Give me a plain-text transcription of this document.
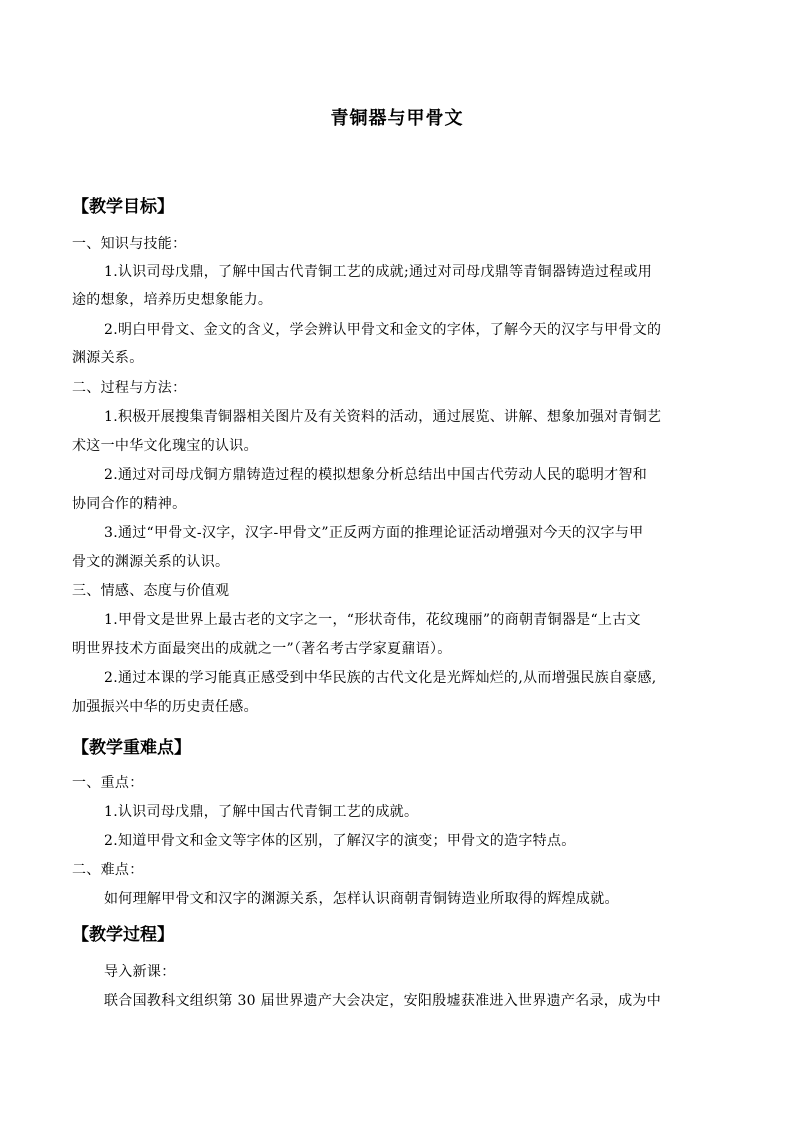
青铜器与甲骨文
【教学目标】
一、知识与技能：
1.认识司母戊鼎，了解中国古代青铜工艺的成就;通过对司母戊鼎等青铜器铸造过程或用
途的想象，培养历史想象能力。
2.明白甲骨文、金文的含义，学会辨认甲骨文和金文的字体，了解今天的汉字与甲骨文的
渊源关系。
二、过程与方法：
1.积极开展搜集青铜器相关图片及有关资料的活动，通过展览、讲解、想象加强对青铜艺
术这一中华文化瑰宝的认识。
2.通过对司母戊铜方鼎铸造过程的模拟想象分析总结出中国古代劳动人民的聪明才智和
协同合作的精神。
3.通过“甲骨文-汉字，汉字-甲骨文”正反两方面的推理论证活动增强对今天的汉字与甲
骨文的渊源关系的认识。
三、情感、态度与价值观
1.甲骨文是世界上最古老的文字之一，“形状奇伟，花纹瑰丽”的商朝青铜器是“上古文
明世界技术方面最突出的成就之一”（著名考古学家夏鼐语）。
2.通过本课的学习能真正感受到中华民族的古代文化是光辉灿烂的,从而增强民族自豪感,
加强振兴中华的历史责任感。
【教学重难点】
一、重点：
1.认识司母戊鼎，了解中国古代青铜工艺的成就。
2.知道甲骨文和金文等字体的区别，了解汉字的演变；甲骨文的造字特点。
二、难点：
如何理解甲骨文和汉字的渊源关系，怎样认识商朝青铜铸造业所取得的辉煌成就。
【教学过程】
导入新课：
联合国教科文组织第 30 届世界遗产大会决定，安阳殷墟获准进入世界遗产名录，成为中
